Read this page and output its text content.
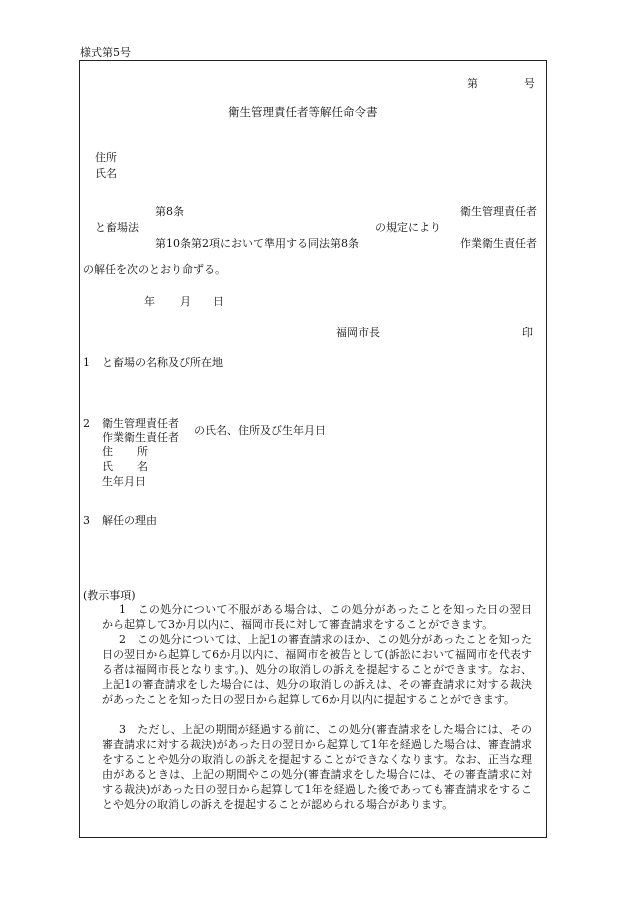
様式第5号
第	号
衛生管理責任者等解任命令書
住所
氏名
第8条
と畜場法
第10条第2項において準用する同法第8条
の規定により
衛生管理責任者
作業衛生責任者
の解任を次のとおり命ずる。
年 月 日
福岡市長	印
1 と畜場の名称及び所在地
2 衛生管理責任者
作業衛生責任者
の氏名、住所及び生年月日
住 所
氏 名
生年月日
3 解任の理由
(教示事項)
1　この処分について不服がある場合は、この処分があったことを知った日の翌日から起算して3か月以内に、福岡市長に対して審査請求をすることができます。
2　この処分については、上記1の審査請求のほか、この処分があったことを知った日の翌日から起算して6か月以内に、福岡市を被告として(訴訟において福岡市を代表する者は福岡市長となります。)、処分の取消しの訴えを提起することができます。なお、上記1の審査請求をした場合には、処分の取消しの訴えは、その審査請求に対する裁決があったことを知った日の翌日から起算して6か月以内に提起することができます。
3　ただし、上記の期間が経過する前に、この処分(審査請求をした場合には、その審査請求に対する裁決)があった日の翌日から起算して1年を経過した場合は、審査請求をすることや処分の取消しの訴えを提起することができなくなります。なお、正当な理由があるときは、上記の期間やこの処分(審査請求をした場合には、その審査請求に対する裁決)があった日の翌日から起算して1年を経過した後であっても審査請求をすることや処分の取消しの訴えを提起することが認められる場合があります。
